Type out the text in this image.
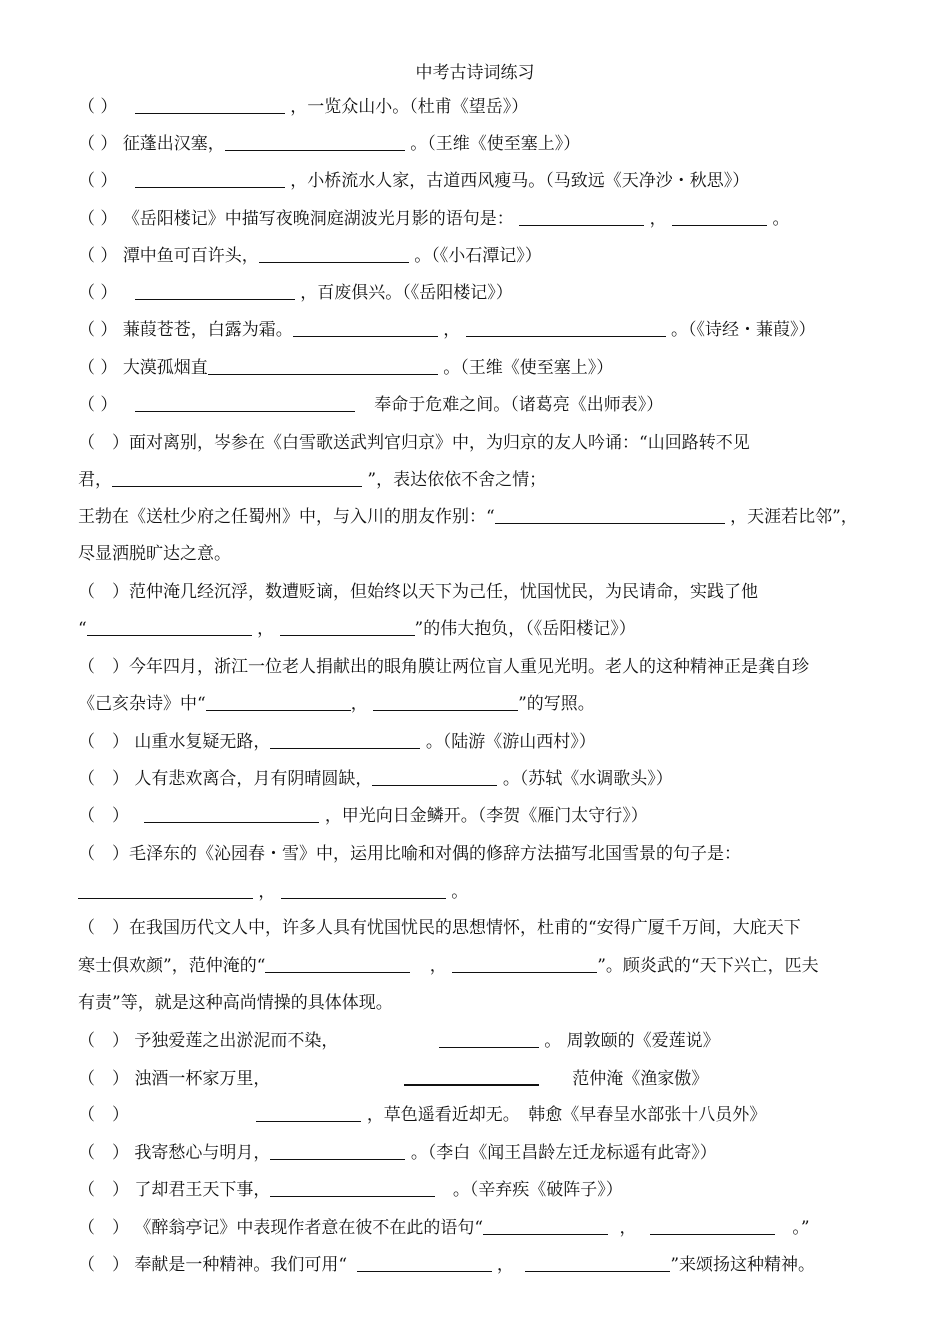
中考古诗词练习
（ ）	，一览众山小。（杜甫《望岳》）
（ ） 征蓬出汉塞，	。（王维《使至塞上》）
（ ）	，小桥流水人家，古道西风瘦马。（马致远《天净沙・秋思》）
（ ） 《岳阳楼记》中描写夜晚洞庭湖波光月影的语句是：	，	。
（ ） 潭中鱼可百许头，	。（《小石潭记》）
（ ）	，百废俱兴。（《岳阳楼记》）
（ ） 蒹葭苍苍，白露为霜。	，	。（《诗经・蒹葭》）
（ ） 大漠孤烟直	。（王维《使至塞上》）
（ ）	奉命于危难之间。（诸葛亮《出师表》）
（　）面对离别，岑参在《白雪歌送武判官归京》中，为归京的友人吟诵：“山回路转不见
君，	”，表达依依不舍之情；
王勃在《送杜少府之任蜀州》中，与入川的朋友作别：“	，天涯若比邻”，
尽显洒脱旷达之意。
（　）范仲淹几经沉浮，数遭贬谪，但始终以天下为己任，忧国忧民，为民请命，实践了他
“	，	”的伟大抱负，（《岳阳楼记》）
（　）今年四月，浙江一位老人捐献出的眼角膜让两位盲人重见光明。老人的这种精神正是龚自珍
《己亥杂诗》中“	，	”的写照。
（　） 山重水复疑无路，	。（陆游《游山西村》）
（　） 人有悲欢离合，月有阴晴圆缺，	。（苏轼《水调歌头》）
（　）	，甲光向日金鳞开。（李贺《雁门太守行》）
（　）毛泽东的《沁园春・雪》中，运用比喻和对偶的修辞方法描写北国雪景的句子是：
，	。
（　）在我国历代文人中，许多人具有忧国忧民的思想情怀，杜甫的“安得广厦千万间，大庇天下
寒士俱欢颜”，范仲淹的“	，	”。顾炎武的“天下兴亡，匹夫
有责”等，就是这种高尚情操的具体体现。
（　） 予独爱莲之出淤泥而不染，	。 周敦颐的《爱莲说》
（　） 浊酒一杯家万里，	范仲淹《渔家傲》
（　）	，草色遥看近却无。　韩愈《早春呈水部张十八员外》
（　） 我寄愁心与明月，	。（李白《闻王昌龄左迁龙标遥有此寄》）
（　） 了却君王天下事，	。（辛弃疾《破阵子》）
（　） 《醉翁亭记》中表现作者意在彼不在此的语句“	，	。”
（　） 奉献是一种精神。我们可用“	，	”来颂扬这种精神。
